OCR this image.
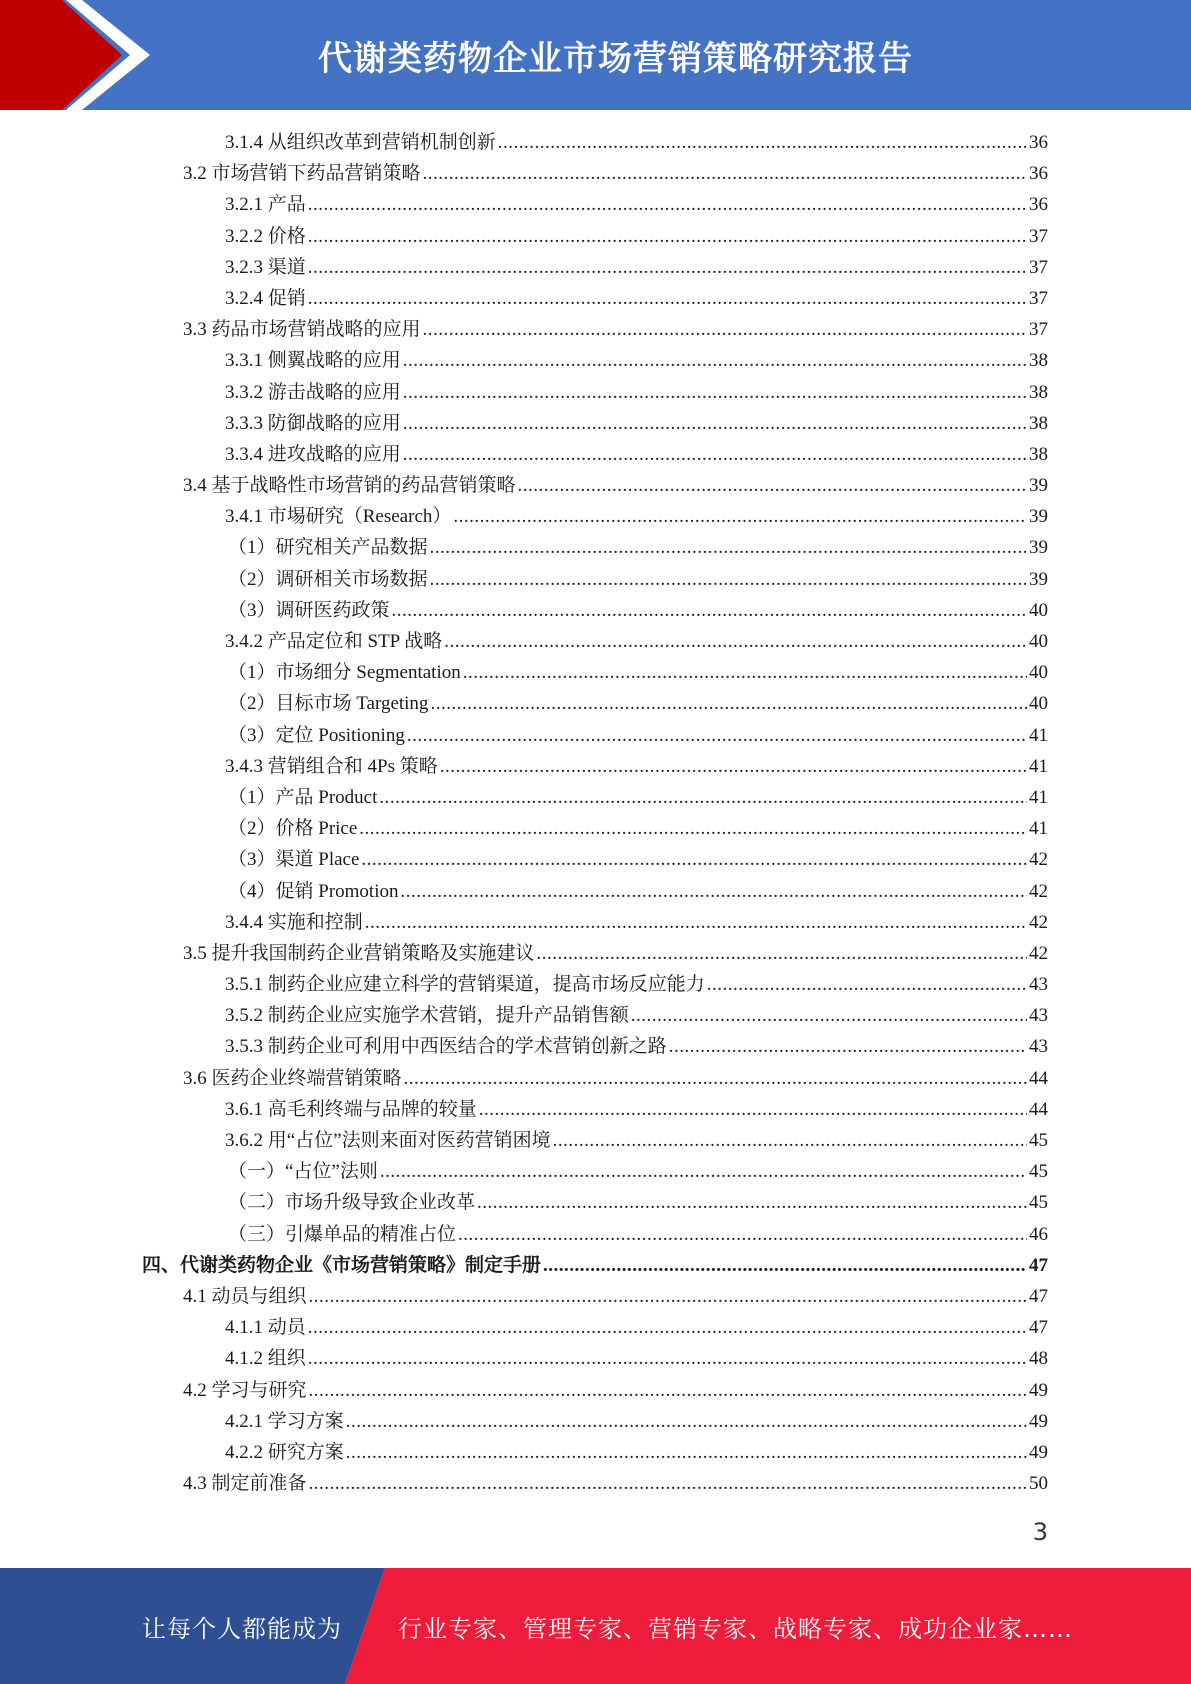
代谢类药物企业市场营销策略研究报告
3.1.4 从组织改革到营销机制创新 .....	36
3.2 市场营销下药品营销策略 .....	36
3.2.1 产品 .....	36
3.2.2 价格 .....	37
3.2.3 渠道 .....	37
3.2.4 促销 .....	37
3.3 药品市场营销战略的应用 .....	37
3.3.1 侧翼战略的应用 .....	38
3.3.2 游击战略的应用 .....	38
3.3.3 防御战略的应用 .....	38
3.3.4 进攻战略的应用 .....	38
3.4 基于战略性市场营销的药品营销策略 .....	39
3.4.1 市埸研究（Research） .....	39
（1）研究相关产品数据 .....	39
（2）调研相关市场数据 .....	39
（3）调研医药政策 .....	40
3.4.2 产品定位和 STP 战略 .....	40
（1）市场细分 Segmentation .....	40
（2）目标市场 Targeting .....	40
（3）定位 Positioning .....	41
3.4.3 营销组合和 4Ps 策略 .....	41
（1）产品 Product .....	41
（2）价格 Price .....	41
（3）渠道 Place .....	42
（4）促销 Promotion .....	42
3.4.4 实施和控制 .....	42
3.5 提升我国制药企业营销策略及实施建议 .....	42
3.5.1 制药企业应建立科学的营销渠道，提高市场反应能力 .....	43
3.5.2 制药企业应实施学术营销，提升产品销售额 .....	43
3.5.3 制药企业可利用中西医结合的学术营销创新之路 .....	43
3.6 医药企业终端营销策略 .....	44
3.6.1 高毛利终端与品牌的较量 .....	44
3.6.2 用“占位”法则来面对医药营销困境 .....	45
（一）“占位”法则 .....	45
（二）市场升级导致企业改革 .....	45
（三）引爆单品的精准占位 .....	46
四、代谢类药物企业《市场营销策略》制定手册 .....	47
4.1 动员与组织 .....	47
4.1.1 动员 .....	47
4.1.2 组织 .....	48
4.2 学习与研究 .....	49
4.2.1 学习方案 .....	49
4.2.2 研究方案 .....	49
4.3 制定前准备 .....	50
3
让每个人都能成为 行业专家、管理专家、营销专家、战略专家、成功企业家……
